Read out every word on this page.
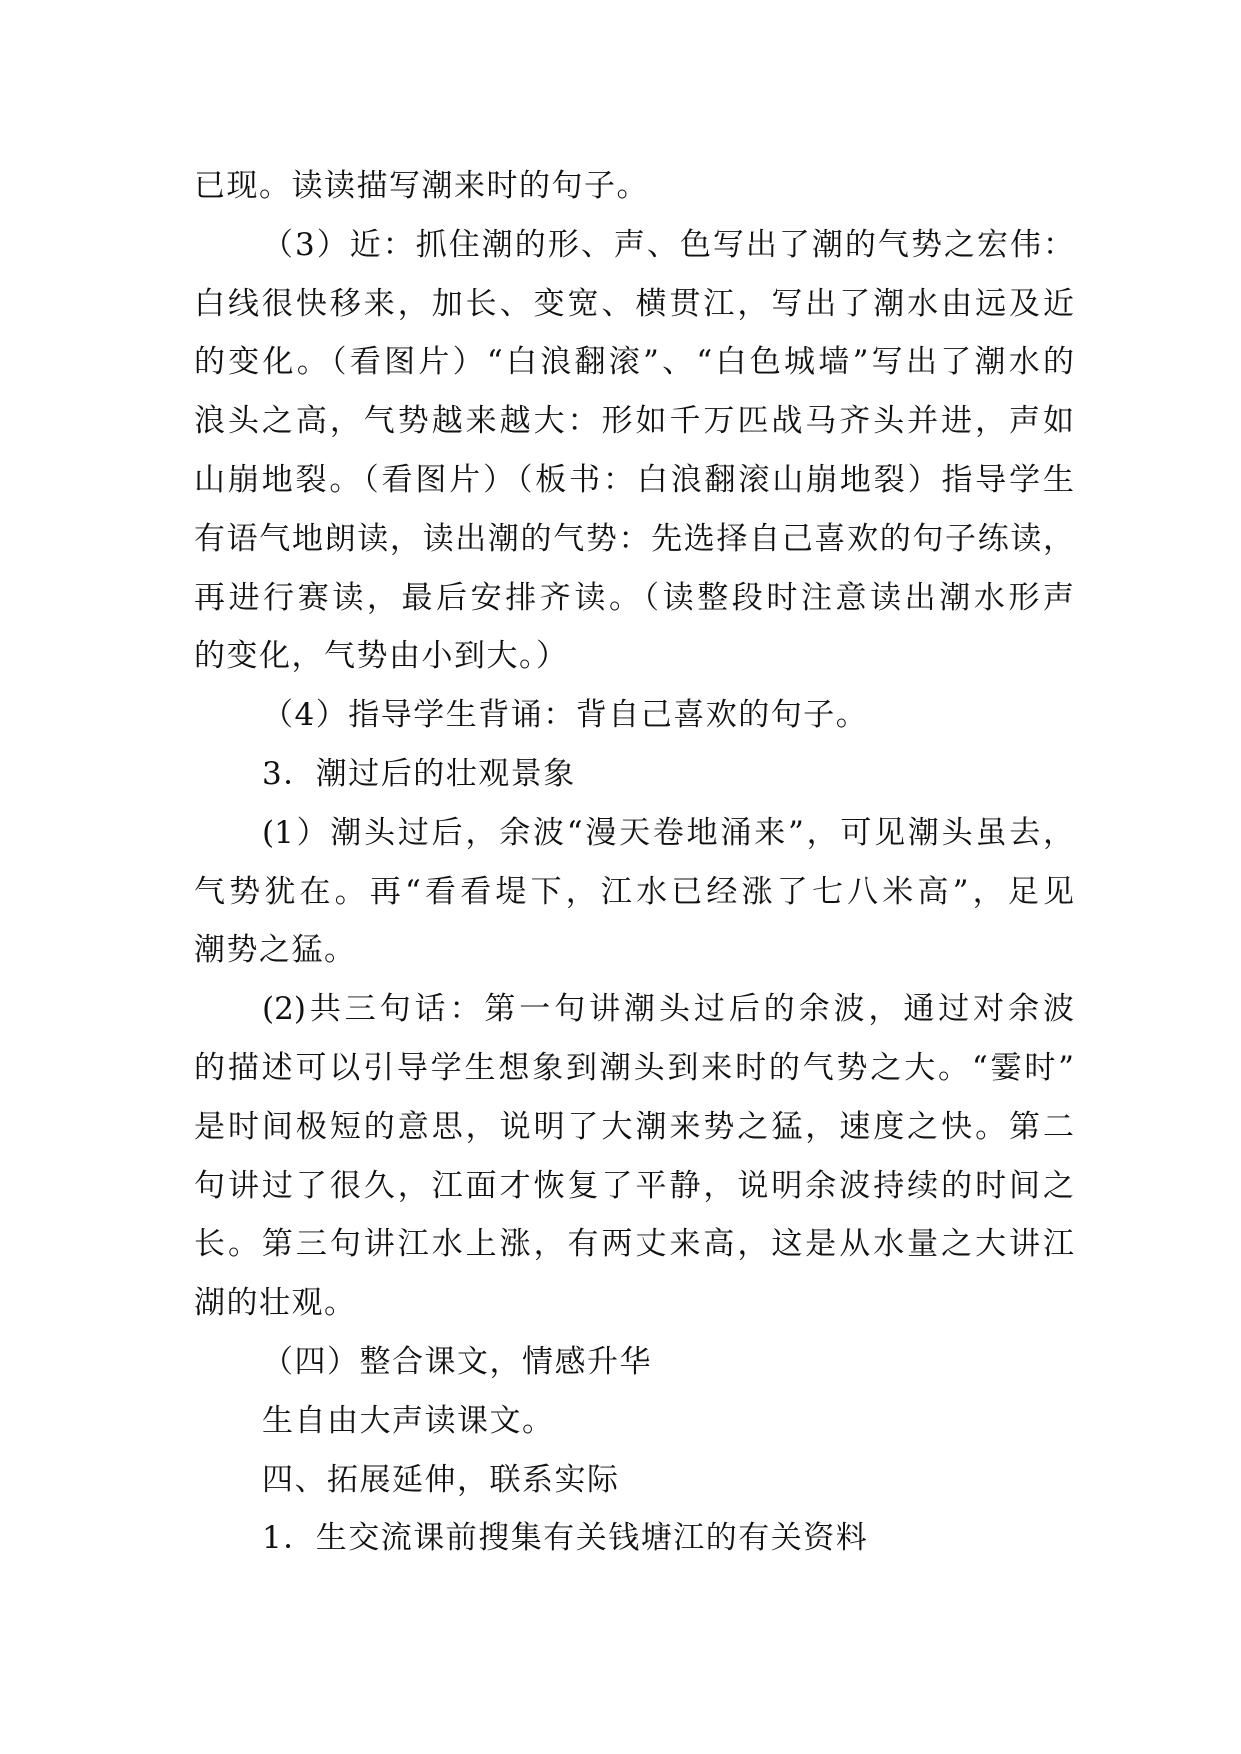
已现。读读描写潮来时的句子。
（3）近：抓住潮的形、声、色写出了潮的气势之宏伟：
白线很快移来，加长、变宽、横贯江，写出了潮水由远及近
的变化。（看图片）“白浪翻滚”、“白色城墙”写出了潮水的
浪头之高，气势越来越大：形如千万匹战马齐头并进，声如
山崩地裂。（看图片）（板书：白浪翻滚山崩地裂）指导学生
有语气地朗读，读出潮的气势：先选择自己喜欢的句子练读，
再进行赛读，最后安排齐读。（读整段时注意读出潮水形声
的变化，气势由小到大。）
（4）指导学生背诵：背自己喜欢的句子。
3．潮过后的壮观景象
(1）潮头过后，余波“漫天卷地涌来”，可见潮头虽去，
气势犹在。再“看看堤下，江水已经涨了七八米高”，足见
潮势之猛。
(2)共三句话：第一句讲潮头过后的余波，通过对余波
的描述可以引导学生想象到潮头到来时的气势之大。“霎时”
是时间极短的意思，说明了大潮来势之猛，速度之快。第二
句讲过了很久，江面才恢复了平静，说明余波持续的时间之
长。第三句讲江水上涨，有两丈来高，这是从水量之大讲江
湖的壮观。
（四）整合课文，情感升华
生自由大声读课文。
四、拓展延伸，联系实际
1．生交流课前搜集有关钱塘江的有关资料
